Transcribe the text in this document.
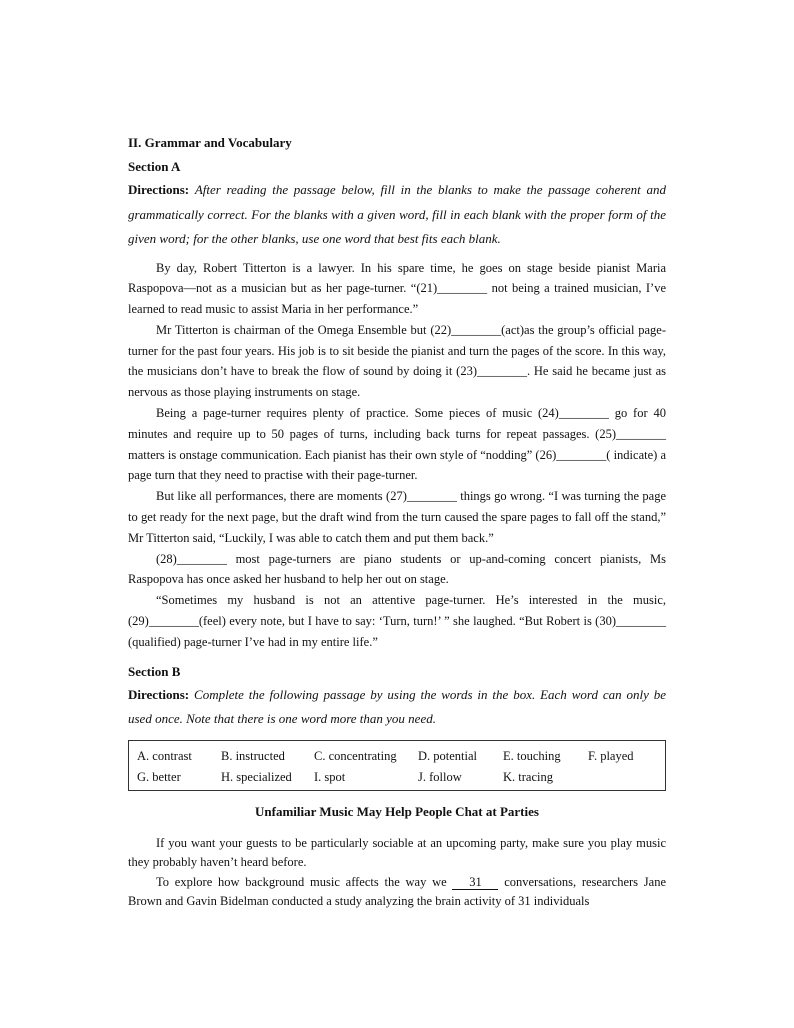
II. Grammar and Vocabulary

Section A

Directions: After reading the passage below, fill in the blanks to make the passage coherent and grammatically correct. For the blanks with a given word, fill in each blank with the proper form of the given word; for the other blanks, use one word that best fits each blank.

By day, Robert Titterton is a lawyer. In his spare time, he goes on stage beside pianist Maria Raspopova—not as a musician but as her page-turner. “(21)________ not being a trained musician, I’ve learned to read music to assist Maria in her performance.”

Mr Titterton is chairman of the Omega Ensemble but (22)________(act)as the group’s official page-turner for the past four years. His job is to sit beside the pianist and turn the pages of the score. In this way, the musicians don’t have to break the flow of sound by doing it (23)________. He said he became just as nervous as those playing instruments on stage.

Being a page-turner requires plenty of practice. Some pieces of music (24)________ go for 40 minutes and require up to 50 pages of turns, including back turns for repeat passages. (25)________ matters is onstage communication. Each pianist has their own style of “nodding” (26)________( indicate) a page turn that they need to practise with their page-turner.

But like all performances, there are moments (27)________ things go wrong. “I was turning the page to get ready for the next page, but the draft wind from the turn caused the spare pages to fall off the stand,” Mr Titterton said, “Luckily, I was able to catch them and put them back.”

(28)________ most page-turners are piano students or up-and-coming concert pianists, Ms Raspopova has once asked her husband to help her out on stage.

“Sometimes my husband is not an attentive page-turner. He’s interested in the music, (29)________(feel) every note, but I have to say: ‘Turn, turn!’ ” she laughed. “But Robert is (30)________ (qualified) page-turner I’ve had in my entire life.”

Section B

Directions: Complete the following passage by using the words in the box. Each word can only be used once. Note that there is one word more than you need.

A. contrast	B. instructed	C. concentrating	D. potential	E. touching	F. played
G. better	H. specialized	I. spot	J. follow	K. tracing

Unfamiliar Music May Help People Chat at Parties

If you want your guests to be particularly sociable at an upcoming party, make sure you play music they probably haven’t heard before.

To explore how background music affects the way we 31 conversations, researchers Jane Brown and Gavin Bidelman conducted a study analyzing the brain activity of 31 individuals
